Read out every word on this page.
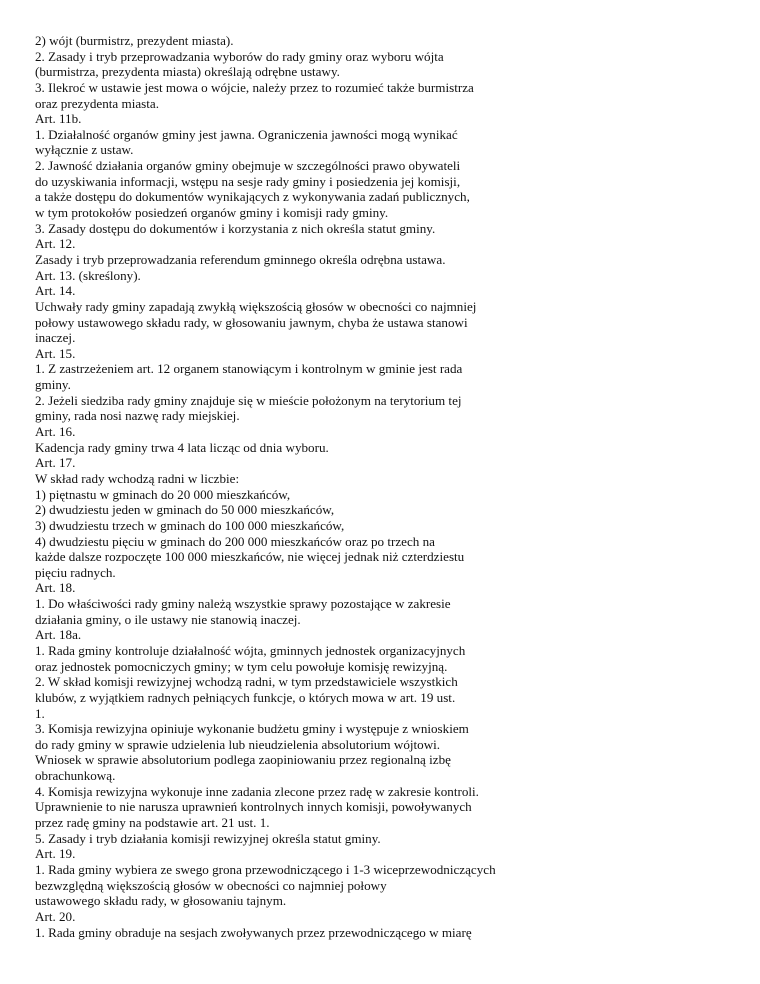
2) wójt (burmistrz, prezydent miasta).
2. Zasady i tryb przeprowadzania wyborów do rady gminy oraz wyboru wójta
(burmistrza, prezydenta miasta) określają odrębne ustawy.
3. Ilekroć w ustawie jest mowa o wójcie, należy przez to rozumieć także burmistrza
oraz prezydenta miasta.
Art. 11b.
1. Działalność organów gminy jest jawna. Ograniczenia jawności mogą wynikać
wyłącznie z ustaw.
2. Jawność działania organów gminy obejmuje w szczególności prawo obywateli
do uzyskiwania informacji, wstępu na sesje rady gminy i posiedzenia jej komisji,
a także dostępu do dokumentów wynikających z wykonywania zadań publicznych,
w tym protokołów posiedzeń organów gminy i komisji rady gminy.
3. Zasady dostępu do dokumentów i korzystania z nich określa statut gminy.
Art. 12.
Zasady i tryb przeprowadzania referendum gminnego określa odrębna ustawa.
Art. 13. (skreślony).
Art. 14.
Uchwały rady gminy zapadają zwykłą większością głosów w obecności co najmniej
połowy ustawowego składu rady, w głosowaniu jawnym, chyba że ustawa stanowi
inaczej.
Art. 15.
1. Z zastrzeżeniem art. 12 organem stanowiącym i kontrolnym w gminie jest rada
gminy.
2. Jeżeli siedziba rady gminy znajduje się w mieście położonym na terytorium tej
gminy, rada nosi nazwę rady miejskiej.
Art. 16.
Kadencja rady gminy trwa 4 lata licząc od dnia wyboru.
Art. 17.
W skład rady wchodzą radni w liczbie:
1) piętnastu w gminach do 20 000 mieszkańców,
2) dwudziestu jeden w gminach do 50 000 mieszkańców,
3) dwudziestu trzech w gminach do 100 000 mieszkańców,
4) dwudziestu pięciu w gminach do 200 000 mieszkańców oraz po trzech na
każde dalsze rozpoczęte 100 000 mieszkańców, nie więcej jednak niż czterdziestu
pięciu radnych.
Art. 18.
1. Do właściwości rady gminy należą wszystkie sprawy pozostające w zakresie
działania gminy, o ile ustawy nie stanowią inaczej.
Art. 18a.
1. Rada gminy kontroluje działalność wójta, gminnych jednostek organizacyjnych
oraz jednostek pomocniczych gminy; w tym celu powołuje komisję rewizyjną.
2. W skład komisji rewizyjnej wchodzą radni, w tym przedstawiciele wszystkich
klubów, z wyjątkiem radnych pełniących funkcje, o których mowa w art. 19 ust.
1.
3. Komisja rewizyjna opiniuje wykonanie budżetu gminy i występuje z wnioskiem
do rady gminy w sprawie udzielenia lub nieudzielenia absolutorium wójtowi.
Wniosek w sprawie absolutorium podlega zaopiniowaniu przez regionalną izbę
obrachunkową.
4. Komisja rewizyjna wykonuje inne zadania zlecone przez radę w zakresie kontroli.
Uprawnienie to nie narusza uprawnień kontrolnych innych komisji, powoływanych
przez radę gminy na podstawie art. 21 ust. 1.
5. Zasady i tryb działania komisji rewizyjnej określa statut gminy.
Art. 19.
1. Rada gminy wybiera ze swego grona przewodniczącego i 1-3 wiceprzewodniczących
bezwzględną większością głosów w obecności co najmniej połowy
ustawowego składu rady, w głosowaniu tajnym.
Art. 20.
1. Rada gminy obraduje na sesjach zwoływanych przez przewodniczącego w miarę
